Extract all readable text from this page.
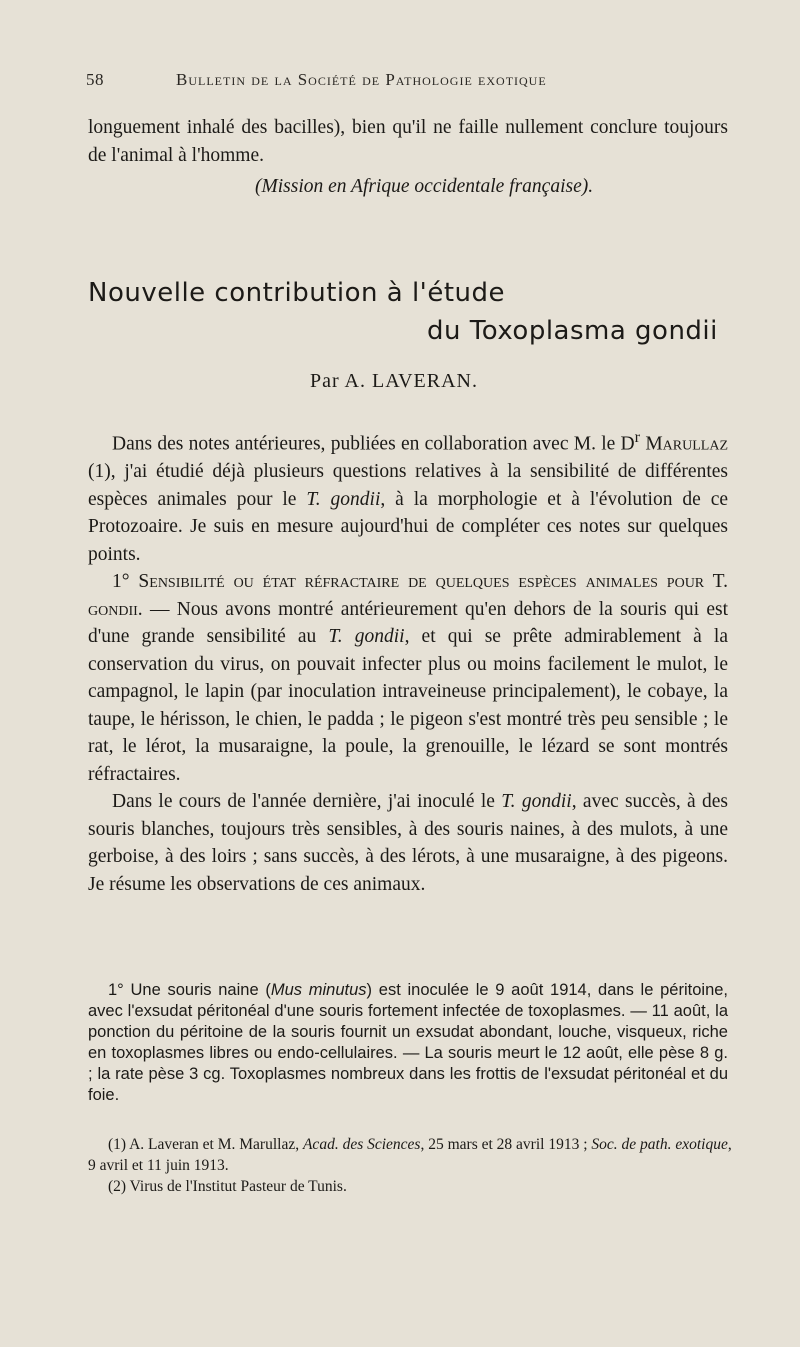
58	Bulletin de la Société de Pathologie exotique

longuement inhalé des bacilles), bien qu'il ne faille nullement conclure toujours de l'animal à l'homme.

(Mission en Afrique occidentale française).
Nouvelle contribution à l'étude
du Toxoplasma gondii
Par A. LAVERAN.

Dans des notes antérieures, publiées en collaboration avec M. le $D^r$ Marullaz (1), j'ai étudié déjà plusieurs questions relatives à la sensibilité de différentes espèces animales pour le T. gondii, à la morphologie et à l'évolution de ce Protozoaire. Je suis en mesure aujourd'hui de compléter ces notes sur quelques points.

1° Sensibilité ou état réfractaire de quelques espèces animales pour T. gondii. — Nous avons montré antérieurement qu'en dehors de la souris qui est d'une grande sensibilité au T. gondii, et qui se prête admirablement à la conservation du virus, on pouvait infecter plus ou moins facilement le mulot, le campagnol, le lapin (par inoculation intraveineuse principalement), le cobaye, la taupe, le hérisson, le chien, le padda ; le pigeon s'est montré très peu sensible ; le rat, le lérot, la musaraigne, la poule, la grenouille, le lézard se sont montrés réfractaires.

Dans le cours de l'année dernière, j'ai inoculé le T. gondii, avec succès, à des souris blanches, toujours très sensibles, à des souris naines, à des mulots, à une gerboise, à des loirs ; sans succès, à des lérots, à une musaraigne, à des pigeons. Je résume les observations de ces animaux.

1° Une souris naine (Mus minutus) est inoculée le 9 août 1914, dans le péritoine, avec l'exsudat péritonéal d'une souris fortement infectée de toxoplasmes. — 11 août, la ponction du péritoine de la souris fournit un exsudat abondant, louche, visqueux, riche en toxoplasmes libres ou endo-cellulaires. — La souris meurt le 12 août, elle pèse 8 g. ; la rate pèse 3 cg. Toxoplasmes nombreux dans les frottis de l'exsudat péritonéal et du foie.

(1) A. Laveran et M. Marullaz, Acad. des Sciences, 25 mars et 28 avril 1913 ; Soc. de path. exotique, 9 avril et 11 juin 1913.

(2) Virus de l'Institut Pasteur de Tunis.
